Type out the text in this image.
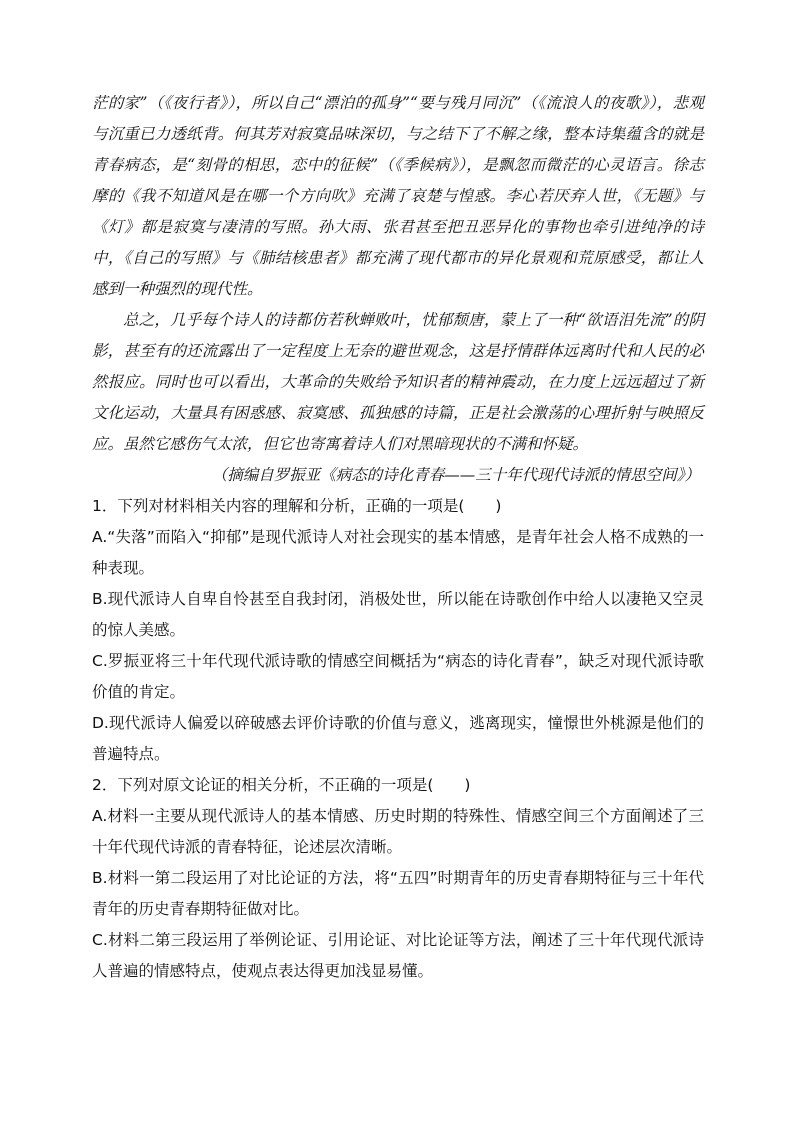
茫的家”（《夜行者》），所以自己“漂泊的孤身”“要与残月同沉”（《流浪人的夜歌》），悲观与沉重已力透纸背。何其芳对寂寞品味深切，与之结下了不解之缘，整本诗集蕴含的就是青春病态，是“刻骨的相思，恋中的征候”（《季候病》），是飘忽而微茫的心灵语言。徐志摩的《我不知道风是在哪一个方向吹》充满了哀楚与惶惑。李心若厌弃人世，《无题》与《灯》都是寂寞与凄清的写照。孙大雨、张君甚至把丑恶异化的事物也牵引进纯净的诗中，《自己的写照》与《肺结核患者》都充满了现代都市的异化景观和荒原感受，都让人感到一种强烈的现代性。

总之，几乎每个诗人的诗都仿若秋蝉败叶，忧郁颓唐，蒙上了一种“欲语泪先流”的阴影，甚至有的还流露出了一定程度上无奈的避世观念，这是抒情群体远离时代和人民的必然报应。同时也可以看出，大革命的失败给予知识者的精神震动，在力度上远远超过了新文化运动，大量具有困惑感、寂寞感、孤独感的诗篇，正是社会激荡的心理折射与映照反应。虽然它感伤气太浓，但它也寄寓着诗人们对黑暗现状的不满和怀疑。

（摘编自罗振亚《病态的诗化青春——三十年代现代诗派的情思空间》）

1．下列对材料相关内容的理解和分析，正确的一项是(　　)

A.“失落”而陷入“抑郁”是现代派诗人对社会现实的基本情感，是青年社会人格不成熟的一种表现。

B.现代派诗人自卑自怜甚至自我封闭，消极处世，所以能在诗歌创作中给人以凄艳又空灵的惊人美感。

C.罗振亚将三十年代现代派诗歌的情感空间概括为“病态的诗化青春”，缺乏对现代派诗歌价值的肯定。

D.现代派诗人偏爱以碎破感去评价诗歌的价值与意义，逃离现实，憧憬世外桃源是他们的普遍特点。

2．下列对原文论证的相关分析，不正确的一项是(　　)

A.材料一主要从现代派诗人的基本情感、历史时期的特殊性、情感空间三个方面阐述了三十年代现代诗派的青春特征，论述层次清晰。

B.材料一第二段运用了对比论证的方法，将“五四”时期青年的历史青春期特征与三十年代青年的历史青春期特征做对比。

C.材料二第三段运用了举例论证、引用论证、对比论证等方法，阐述了三十年代现代派诗人普遍的情感特点，使观点表达得更加浅显易懂。
